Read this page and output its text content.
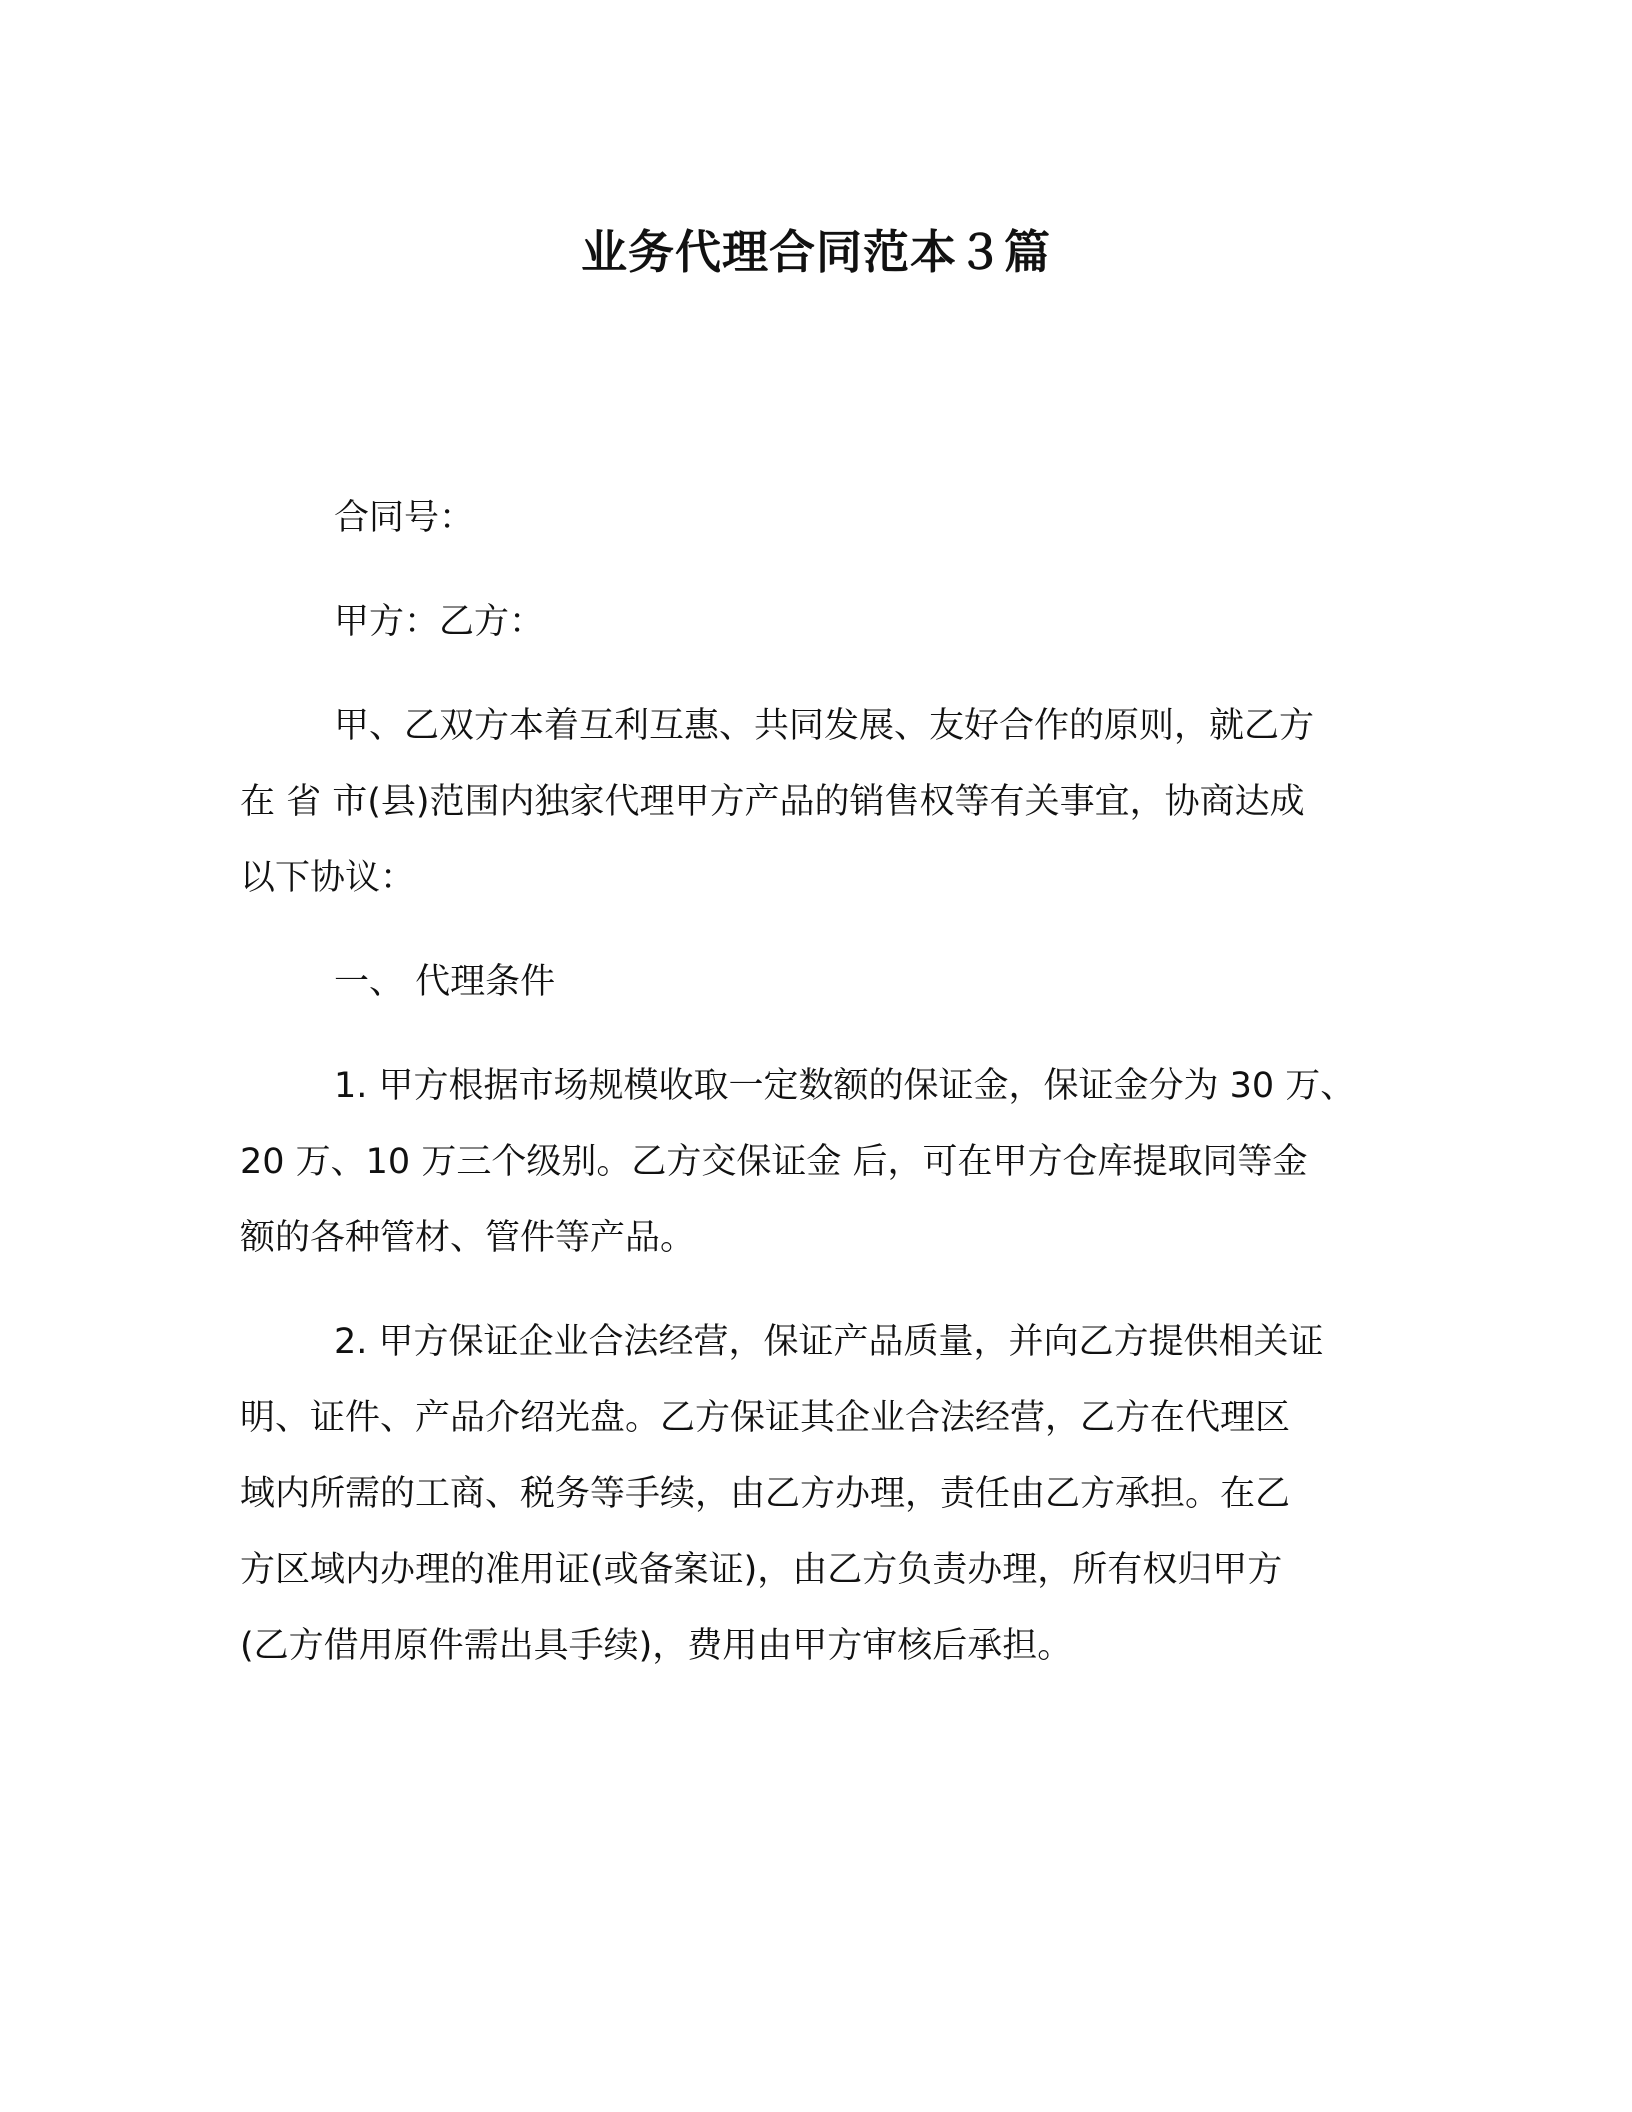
业务代理合同范本３篇
合同号：
甲方：乙方：
甲、乙双方本着互利互惠、共同发展、友好合作的原则，就乙方
在 省 市(县)范围内独家代理甲方产品的销售权等有关事宜，协商达成
以下协议：
一、 代理条件
1. 甲方根据市场规模收取一定数额的保证金，保证金分为 30 万、
20 万、10 万三个级别。乙方交保证金 后，可在甲方仓库提取同等金
额的各种管材、管件等产品。
2. 甲方保证企业合法经营，保证产品质量，并向乙方提供相关证
明、证件、产品介绍光盘。乙方保证其企业合法经营，乙方在代理区
域内所需的工商、税务等手续，由乙方办理，责任由乙方承担。在乙
方区域内办理的准用证(或备案证)，由乙方负责办理，所有权归甲方
(乙方借用原件需出具手续)，费用由甲方审核后承担。
